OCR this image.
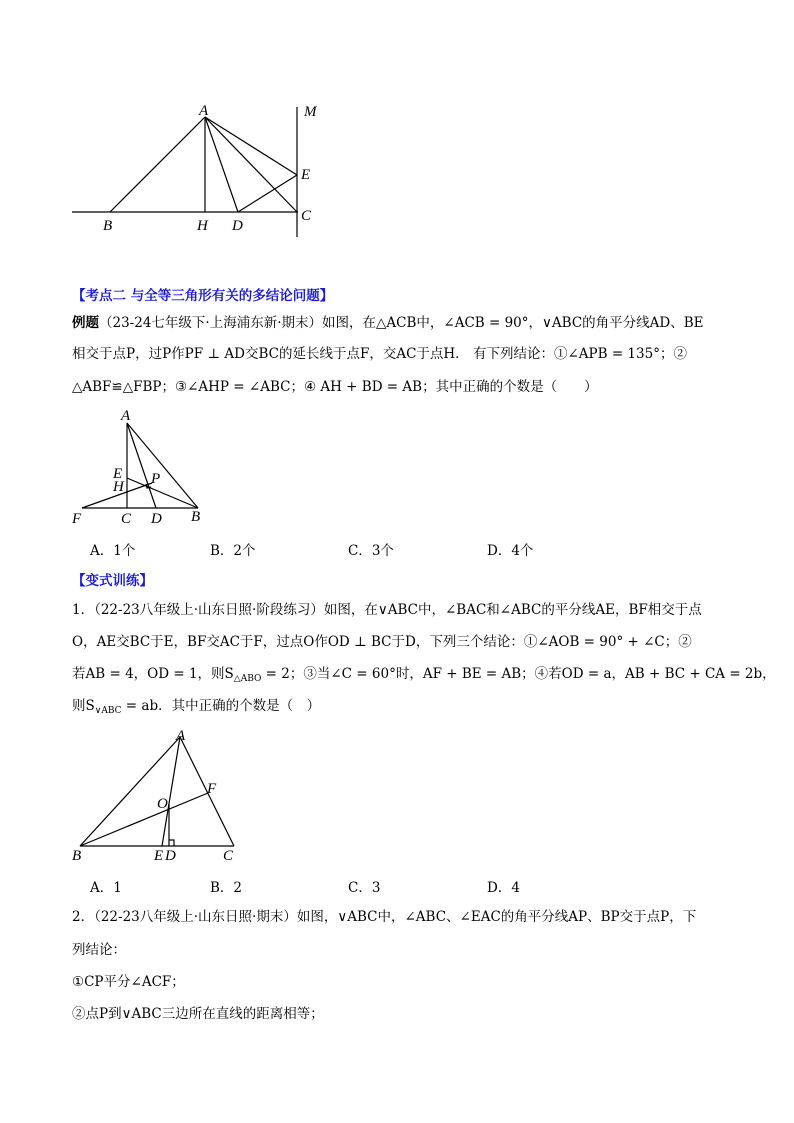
A	M
E
B	H D
C
【考点二 与全等三角形有关的多结论问题】
例题（23-24七年级下·上海浦东新·期末）如图，在△ACB中，∠ACB = 90°，∨ABC的角平分线AD、BE
相交于点P，过P作PF ⊥ AD交BC的延长线于点F，交AC于点H． 有下列结论：①∠APB = 135°；②
△ABF≌△FBP；③∠AHP = ∠ABC；④ AH + BD = AB；其中正确的个数是（　　）
A
E
H P
F	C D B
A．1个	B．2个	C．3个	D．4个
【变式训练】
1．（22-23八年级上·山东日照·阶段练习）如图，在∨ABC中，∠BAC和∠ABC的平分线AE，BF相交于点
O，AE交BC于E，BF交AC于F，过点O作OD ⊥ BC于D，下列三个结论：①∠AOB = 90° + ∠C；②
若AB = 4，OD = 1，则$S_{\triangle ABO} = 2$；③当∠C = 60°时，AF + BE = AB；④若OD = a，AB + BC + CA = 2b，
则$S_{\vee ABC}$ = ab．其中正确的个数是（　）
A
F
O
B	E D	C
A．1	B．2	C．3	D．4
2．（22-23八年级上·山东日照·期末）如图，∨ABC中，∠ABC、∠EAC的角平分线AP、BP交于点P，下
列结论：
①CP平分∠ACF；
②点P到∨ABC三边所在直线的距离相等；
